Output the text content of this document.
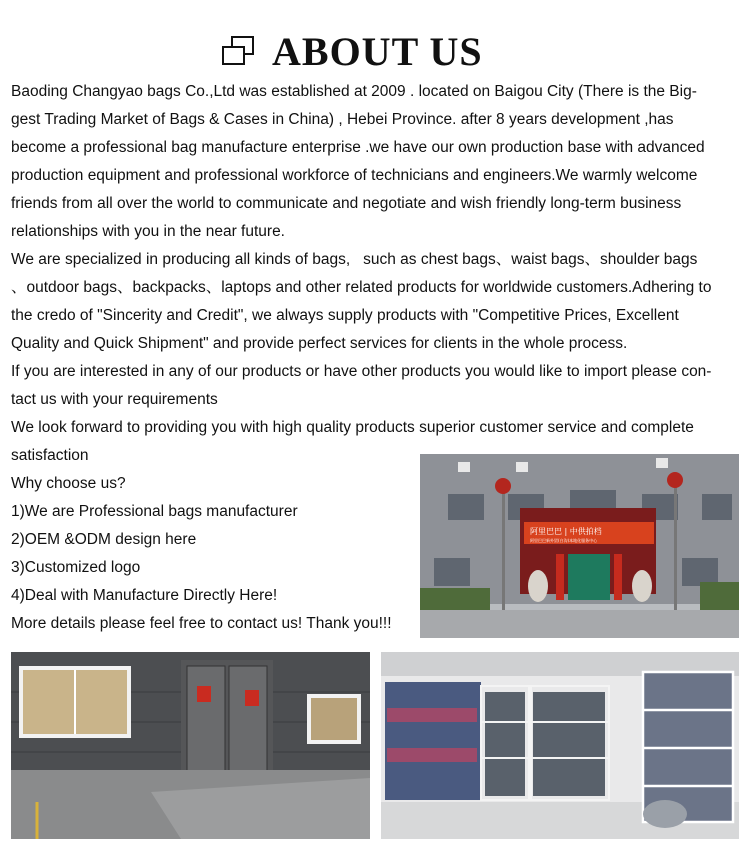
ABOUT US

Baoding Changyao bags Co.,Ltd was established at 2009 . located on Baigou City (There is the Big-

gest Trading Market of Bags & Cases in China) , Hebei Province. after 8 years development ,has

become a professional bag manufacture enterprise .we have our own production base with advanced

production equipment and professional workforce of technicians and engineers.We warmly welcome

friends from all over the world to communicate and negotiate and wish friendly long-term business

relationships with you in the near future.

We are specialized in producing all kinds of bags,   such as chest bags、waist bags、shoulder bags

、outdoor bags、backpacks、laptops and other related products for worldwide customers.Adhering to

the credo of "Sincerity and Credit", we always supply products with "Competitive Prices, Excellent

Quality and Quick Shipment" and provide perfect services for clients in the whole process.

If you are interested in any of our products or have other products you would like to import please con-

tact us with your requirements

We look forward to providing you with high quality products superior customer service and complete

satisfaction

Why choose us?

1)We are Professional bags manufacturer

2)OEM &ODM design here

3)Customized logo

4)Deal with Manufacture Directly Here!

More details please feel free to contact us! Thank you!!!

阿里巴巴 | 中供拍档
阿里巴巴新外贸(白沟)本地化服务中心
